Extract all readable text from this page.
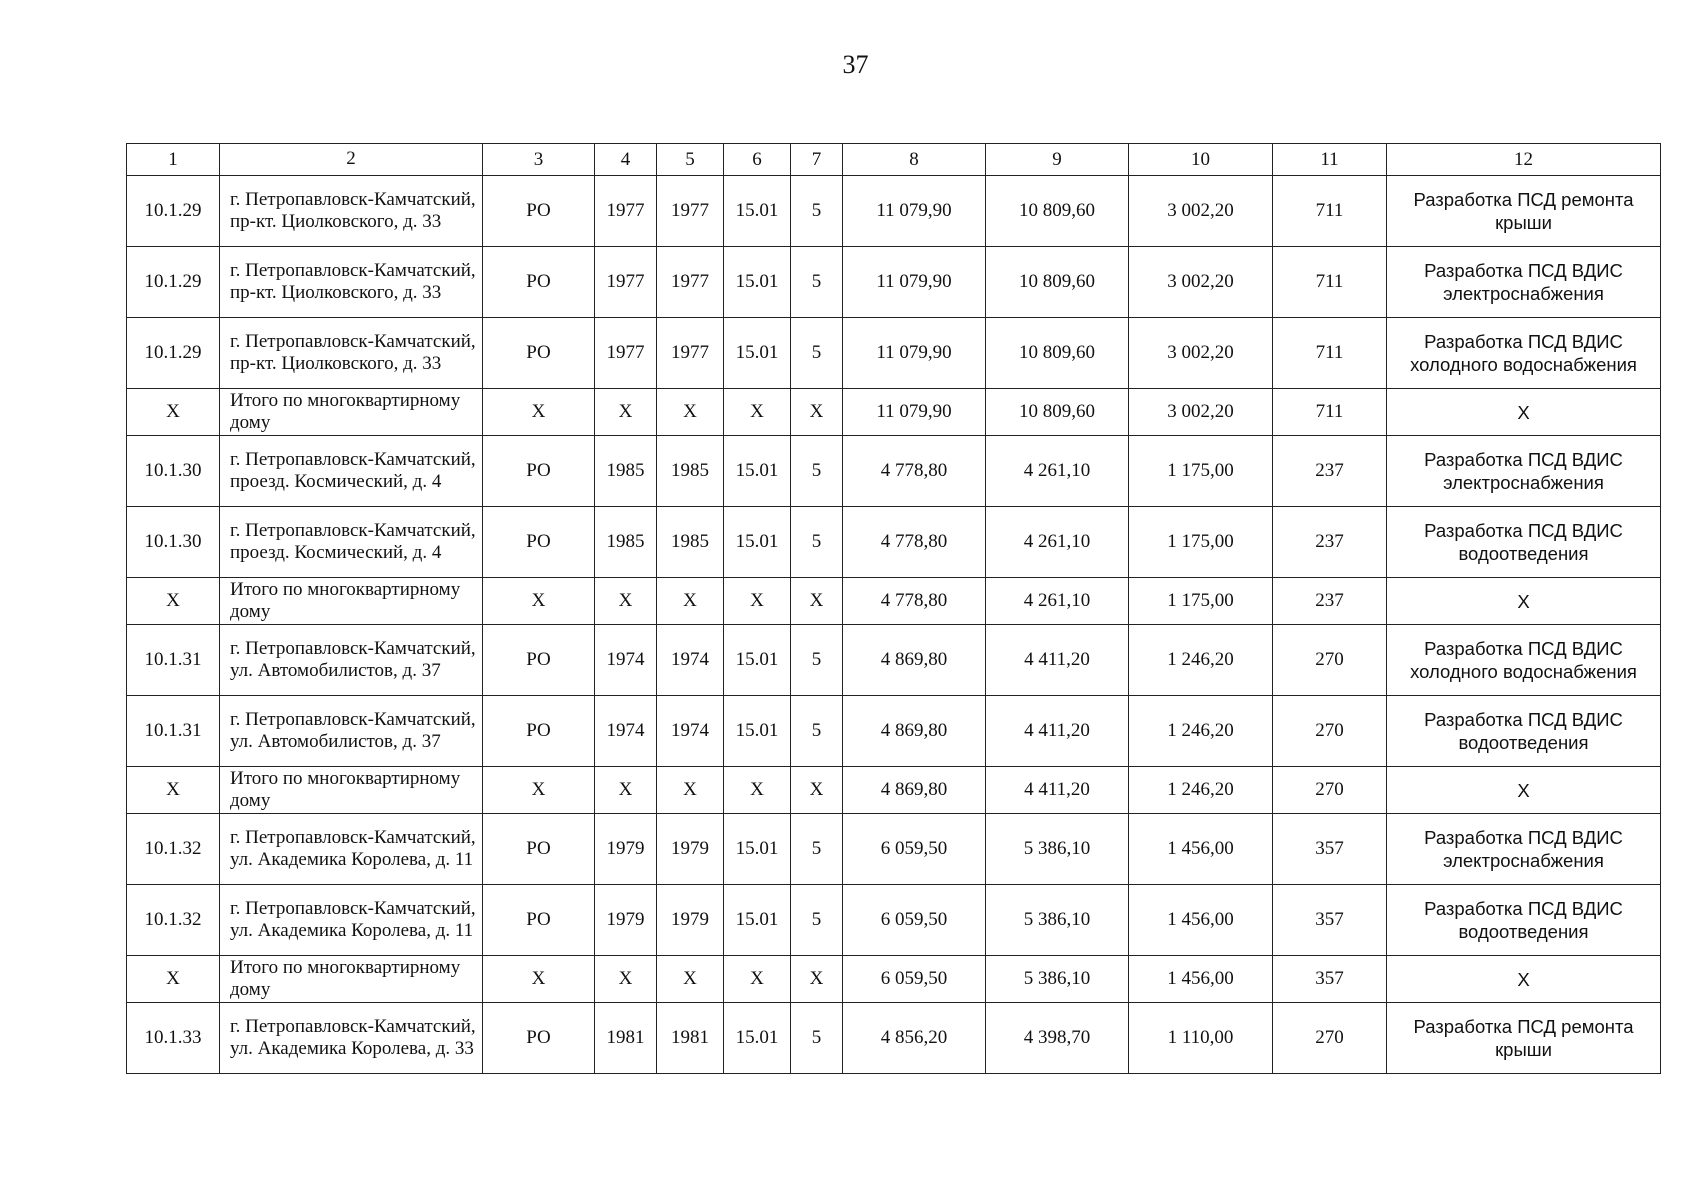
37
1	2	3	4	5	6	7	8	9	10	11	12
10.1.29	г. Петропавловск-Камчатский, пр-кт. Циолковского, д. 33	РО	1977	1977	15.01	5	11 079,90	10 809,60	3 002,20	711	Разработка ПСД ремонта крыши
10.1.29	г. Петропавловск-Камчатский, пр-кт. Циолковского, д. 33	РО	1977	1977	15.01	5	11 079,90	10 809,60	3 002,20	711	Разработка ПСД ВДИС электроснабжения
10.1.29	г. Петропавловск-Камчатский, пр-кт. Циолковского, д. 33	РО	1977	1977	15.01	5	11 079,90	10 809,60	3 002,20	711	Разработка ПСД ВДИС холодного водоснабжения
X	Итого по многоквартирному дому	X	X	X	X	X	11 079,90	10 809,60	3 002,20	711	X
10.1.30	г. Петропавловск-Камчатский, проезд. Космический, д. 4	РО	1985	1985	15.01	5	4 778,80	4 261,10	1 175,00	237	Разработка ПСД ВДИС электроснабжения
10.1.30	г. Петропавловск-Камчатский, проезд. Космический, д. 4	РО	1985	1985	15.01	5	4 778,80	4 261,10	1 175,00	237	Разработка ПСД ВДИС водоотведения
X	Итого по многоквартирному дому	X	X	X	X	X	4 778,80	4 261,10	1 175,00	237	X
10.1.31	г. Петропавловск-Камчатский, ул. Автомобилистов, д. 37	РО	1974	1974	15.01	5	4 869,80	4 411,20	1 246,20	270	Разработка ПСД ВДИС холодного водоснабжения
10.1.31	г. Петропавловск-Камчатский, ул. Автомобилистов, д. 37	РО	1974	1974	15.01	5	4 869,80	4 411,20	1 246,20	270	Разработка ПСД ВДИС водоотведения
X	Итого по многоквартирному дому	X	X	X	X	X	4 869,80	4 411,20	1 246,20	270	X
10.1.32	г. Петропавловск-Камчатский, ул. Академика Королева, д. 11	РО	1979	1979	15.01	5	6 059,50	5 386,10	1 456,00	357	Разработка ПСД ВДИС электроснабжения
10.1.32	г. Петропавловск-Камчатский, ул. Академика Королева, д. 11	РО	1979	1979	15.01	5	6 059,50	5 386,10	1 456,00	357	Разработка ПСД ВДИС водоотведения
X	Итого по многоквартирному дому	X	X	X	X	X	6 059,50	5 386,10	1 456,00	357	X
10.1.33	г. Петропавловск-Камчатский, ул. Академика Королева, д. 33	РО	1981	1981	15.01	5	4 856,20	4 398,70	1 110,00	270	Разработка ПСД ремонта крыши
